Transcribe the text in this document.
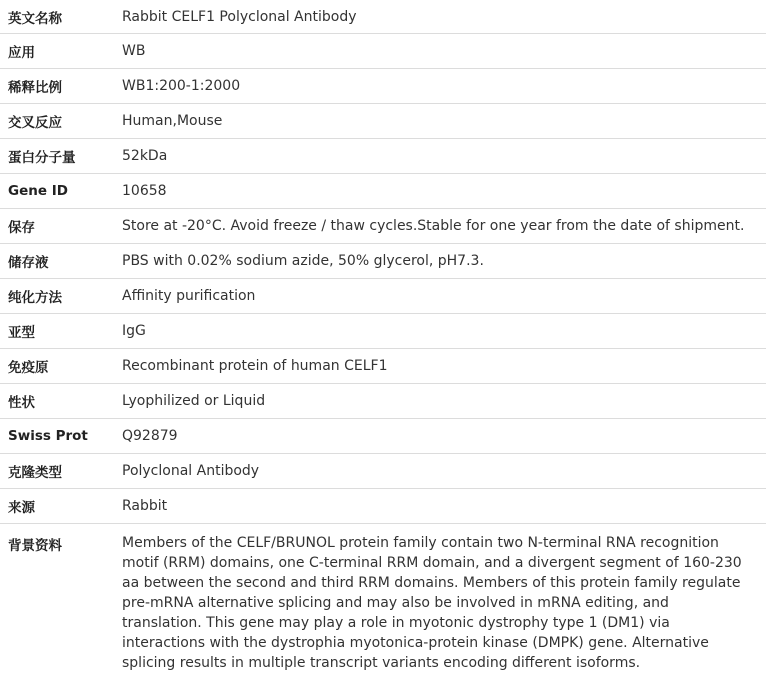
英文名称	Rabbit CELF1 Polyclonal Antibody
应用	WB
稀释比例	WB1:200-1:2000
交叉反应	Human,Mouse
蛋白分子量	52kDa
Gene ID	10658
保存	Store at -20°C. Avoid freeze / thaw cycles.Stable for one year from the date of shipment.
储存液	PBS with 0.02% sodium azide, 50% glycerol, pH7.3.
纯化方法	Affinity purification
亚型	IgG
免疫原	Recombinant protein of human CELF1
性状	Lyophilized or Liquid
Swiss Prot	Q92879
克隆类型	Polyclonal Antibody
来源	Rabbit
背景资料	Members of the CELF/BRUNOL protein family contain two N-terminal RNA recognition motif (RRM) domains, one C-terminal RRM domain, and a divergent segment of 160-230 aa between the second and third RRM domains. Members of this protein family regulate pre-mRNA alternative splicing and may also be involved in mRNA editing, and translation. This gene may play a role in myotonic dystrophy type 1 (DM1) via interactions with the dystrophia myotonica-protein kinase (DMPK) gene. Alternative splicing results in multiple transcript variants encoding different isoforms.
